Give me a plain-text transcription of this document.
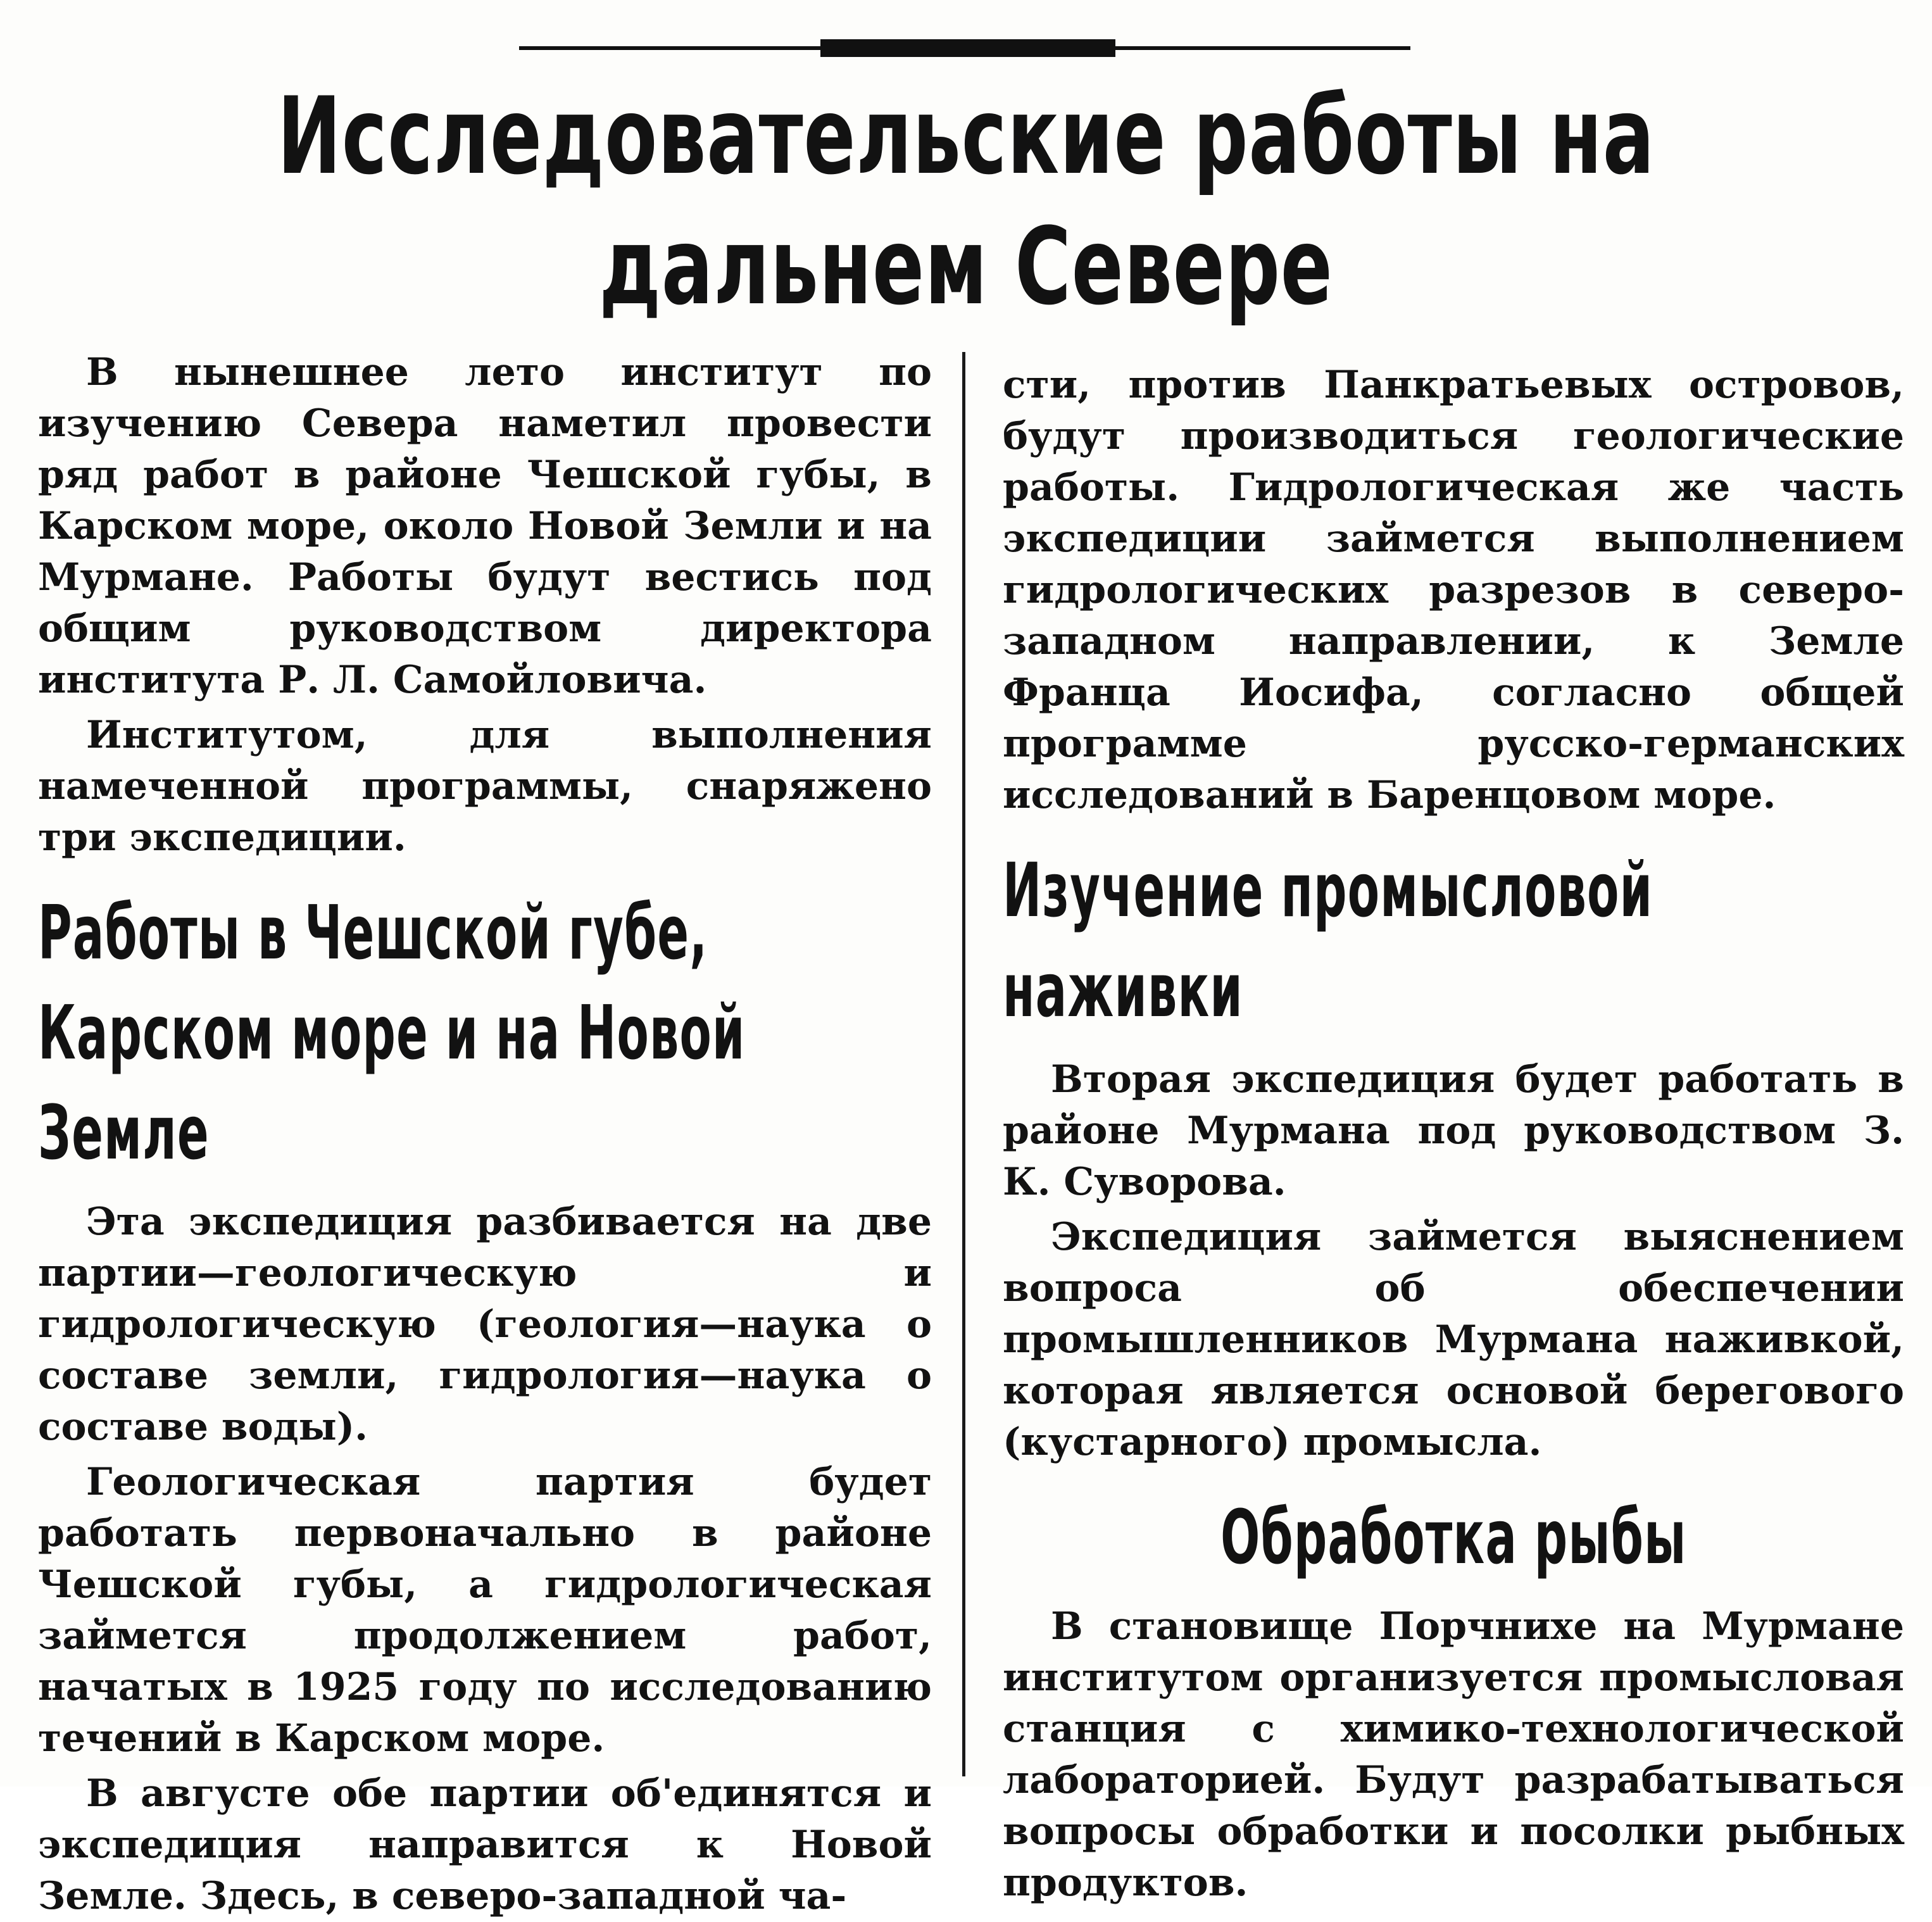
Исследовательские работы на дальнем Севере

В нынешнее лето институт по изучению Севера наметил провести ряд работ в районе Чешской губы, в Карском море, около Новой Земли и на Мурмане. Работы будут вестись под общим руководством директора института Р. Л. Самойловича.

Институтом, для выполнения намеченной программы, снаряжено три экспедиции.

Работы в Чешской губе, Карском море и на Новой Земле

Эта экспедиция разбивается на две партии—геологическую и гидрологическую (геология—наука о составе земли, гидрология—наука о составе воды).

Геологическая партия будет работать первоначально в районе Чешской губы, а гидрологическая займется продолжением работ, начатых в 1925 году по исследованию течений в Карском море.

В августе обе партии об'единятся и экспедиция направится к Новой Земле. Здесь, в северо-западной ча-

сти, против Панкратьевых островов, будут производиться геологические работы. Гидрологическая же часть экспедиции займется выполнением гидрологических разрезов в северо-западном направлении, к Земле Франца Иосифа, согласно общей программе русско-германских исследований в Баренцовом море.

Изучение промысловой наживки

Вторая экспедиция будет работать в районе Мурмана под руководством З. К. Суворова.

Экспедиция займется выяснением вопроса об обеспечении промышленников Мурмана наживкой, которая является основой берегового (кустарного) промысла.

Обработка рыбы

В становище Порчнихе на Мурмане институтом организуется промысловая станция с химико-технологической лабораторией. Будут разрабатываться вопросы обработки и посолки рыбных продуктов.
